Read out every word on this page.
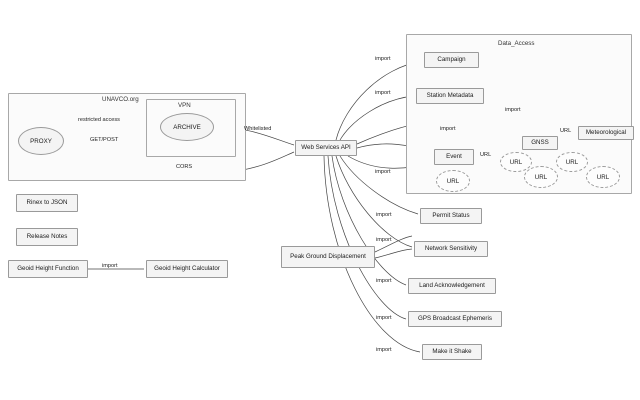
UNAVCO.org
VPN
Data_Access
PROXY
ARCHIVE
Web Services API
Campaign
Station Metadata
GNSS
Meteorological
Event
Permit Status
Network Sensitivity
Land Acknowledgement
GPS Broadcast Ephemeris
Make it Shake
Peak Ground Displacement
Rinex to JSON
Release Notes
Geoid Height Function	Geoid Height Calculator
URL
URL
URL
URL
URL
restricted access
GET/POST
CORS
Whitelisted
import
import
import
import
import
import
import
import
import
import
import
URL
URL
